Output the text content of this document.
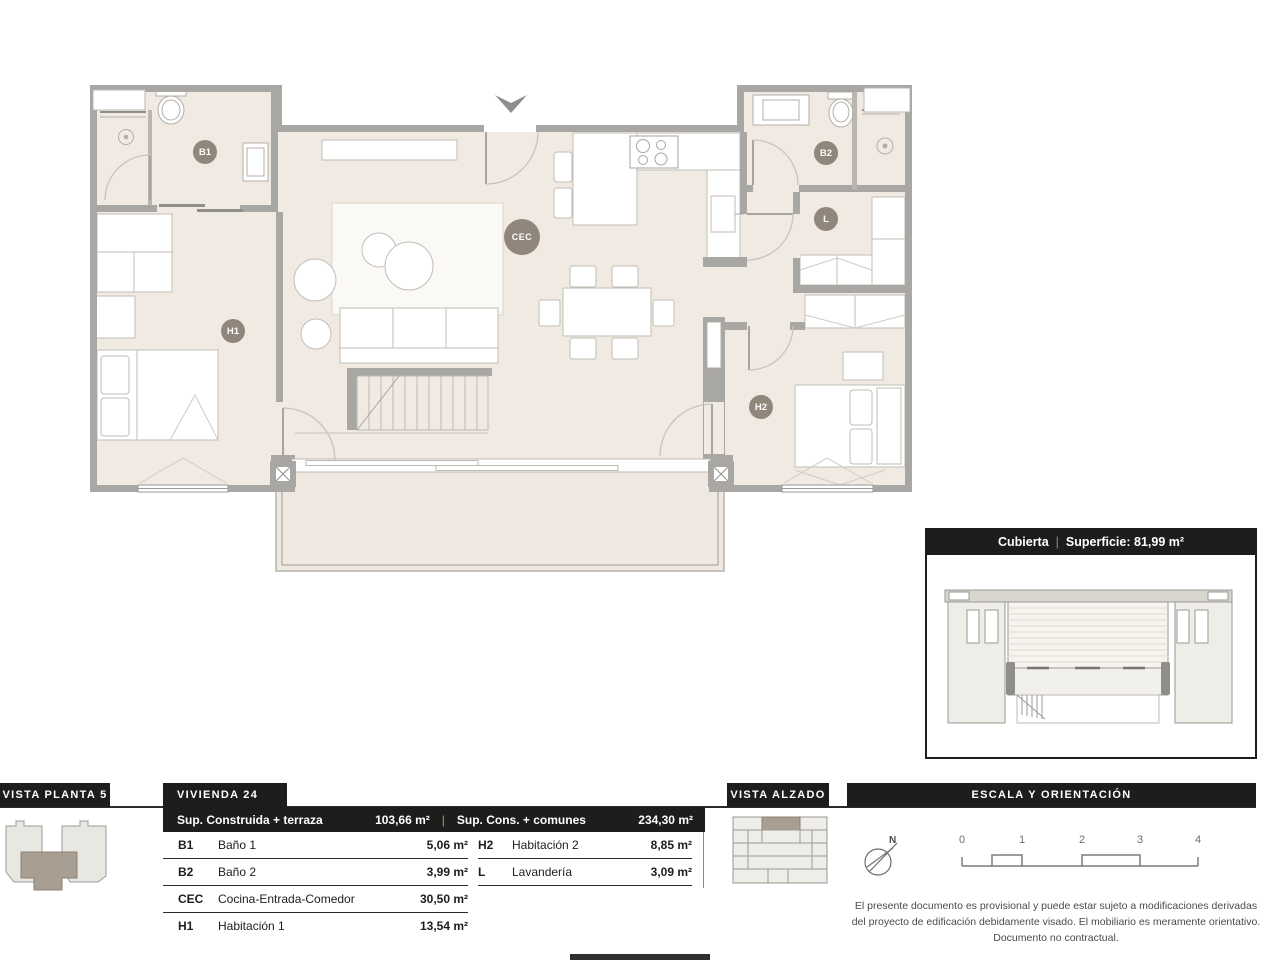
B1	B2
L
H1
H2
CEC
Cubierta | Superficie: 81,99 m²
VISTA PLANTA 5	VIVIENDA 24	VISTA ALZADO	ESCALA Y ORIENTACIÓN
Sup. Construida + terraza	103,66 m² | Sup. Cons. + comunes	234,30 m²
B1	Baño 1	5,06 m²
B2	Baño 2	3,99 m²
CEC	Cocina-Entrada-Comedor	30,50 m²
H1	Habitación 1	13,54 m²
H2	Habitación 2	8,85 m²
L	Lavandería	3,09 m²
N	0	1	2	3	4
El presente documento es provisional y puede estar sujeto a modificaciones derivadas
del proyecto de edificación debidamente visado. El mobiliario es meramente orientativo.
Documento no contractual.
